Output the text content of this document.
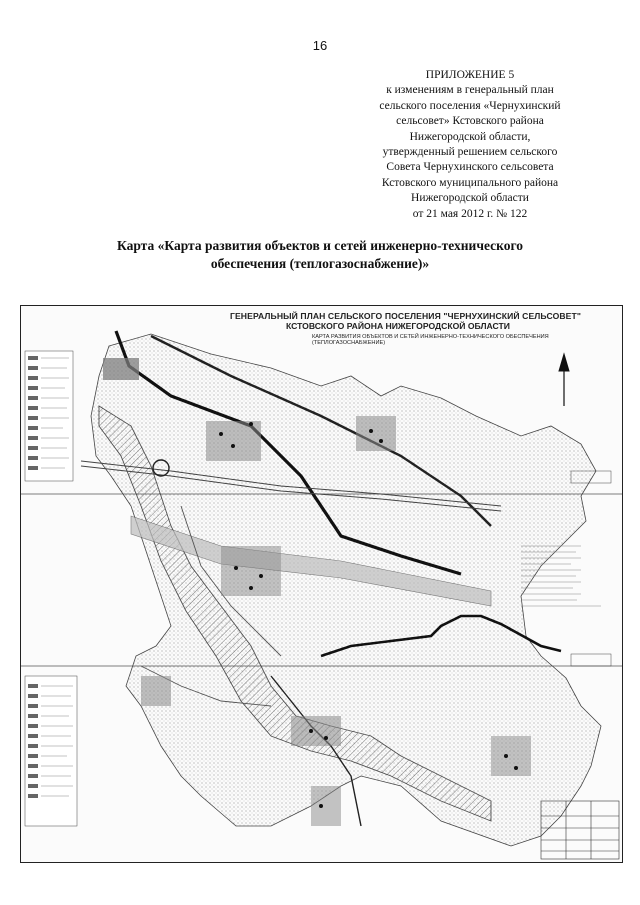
16
ПРИЛОЖЕНИЕ 5
к изменениям в генеральный план
сельского поселения «Чернухинский
сельсовет» Кстовского района
Нижегородской области,
утвержденный решением сельского
Совета Чернухинского сельсовета
Кстовского муниципального района
Нижегородской области
от 21 мая 2012 г. № 122
Карта «Карта развития объектов и сетей инженерно-технического
обеспечения (теплогазоснабжение)»
ГЕНЕРАЛЬНЫЙ ПЛАН СЕЛЬСКОГО ПОСЕЛЕНИЯ "ЧЕРНУХИНСКИЙ СЕЛЬСОВЕТ"
КСТОВСКОГО РАЙОНА НИЖЕГОРОДСКОЙ ОБЛАСТИ
КАРТА РАЗВИТИЯ ОБЪЕКТОВ И СЕТЕЙ ИНЖЕНЕРНО-ТЕХНИЧЕСКОГО ОБЕСПЕЧЕНИЯ
(ТЕПЛОГАЗОСНАБЖЕНИЕ)
